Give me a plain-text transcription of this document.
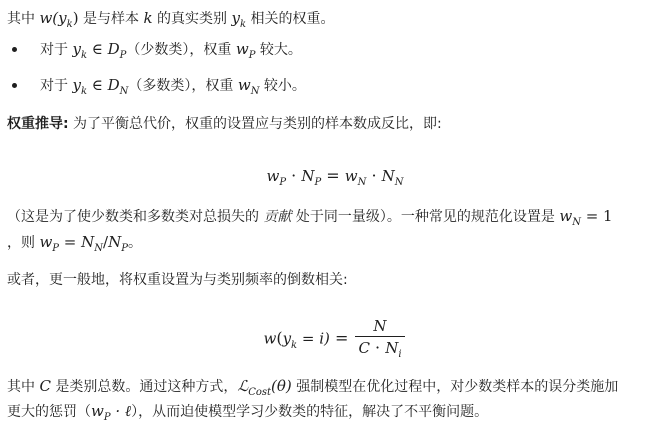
其中 $w(y_k)$ 是与样本 k 的真实类别 $y_k$ 相关的权重。
对于 $y_k$ ∈ $D_P$（少数类），权重 $w_P$ 较大。
对于 $y_k$ ∈ $D_N$（多数类），权重 $w_N$ 较小。
权重推导: 为了平衡总代价，权重的设置应与类别的样本数成反比，即:
$w_P \cdot N_P = w_N \cdot N_N$
（这是为了使少数类和多数类对总损失的 贡献 处于同一量级）。一种常见的规范化设置是 $w_N = 1$
，则 $w_P = N_N/N_P$。
或者，更一般地，将权重设置为与类别频率的倒数相关:
$w(y_k = i) = \frac{N}{C \cdot N_i}$
其中 C 是类别总数。通过这种方式，ℒ$_{Cost}$(θ) 强制模型在优化过程中，对少数类样本的误分类施加
更大的惩罚（$w_P$ · ℓ），从而迫使模型学习少数类的特征，解决了不平衡问题。
